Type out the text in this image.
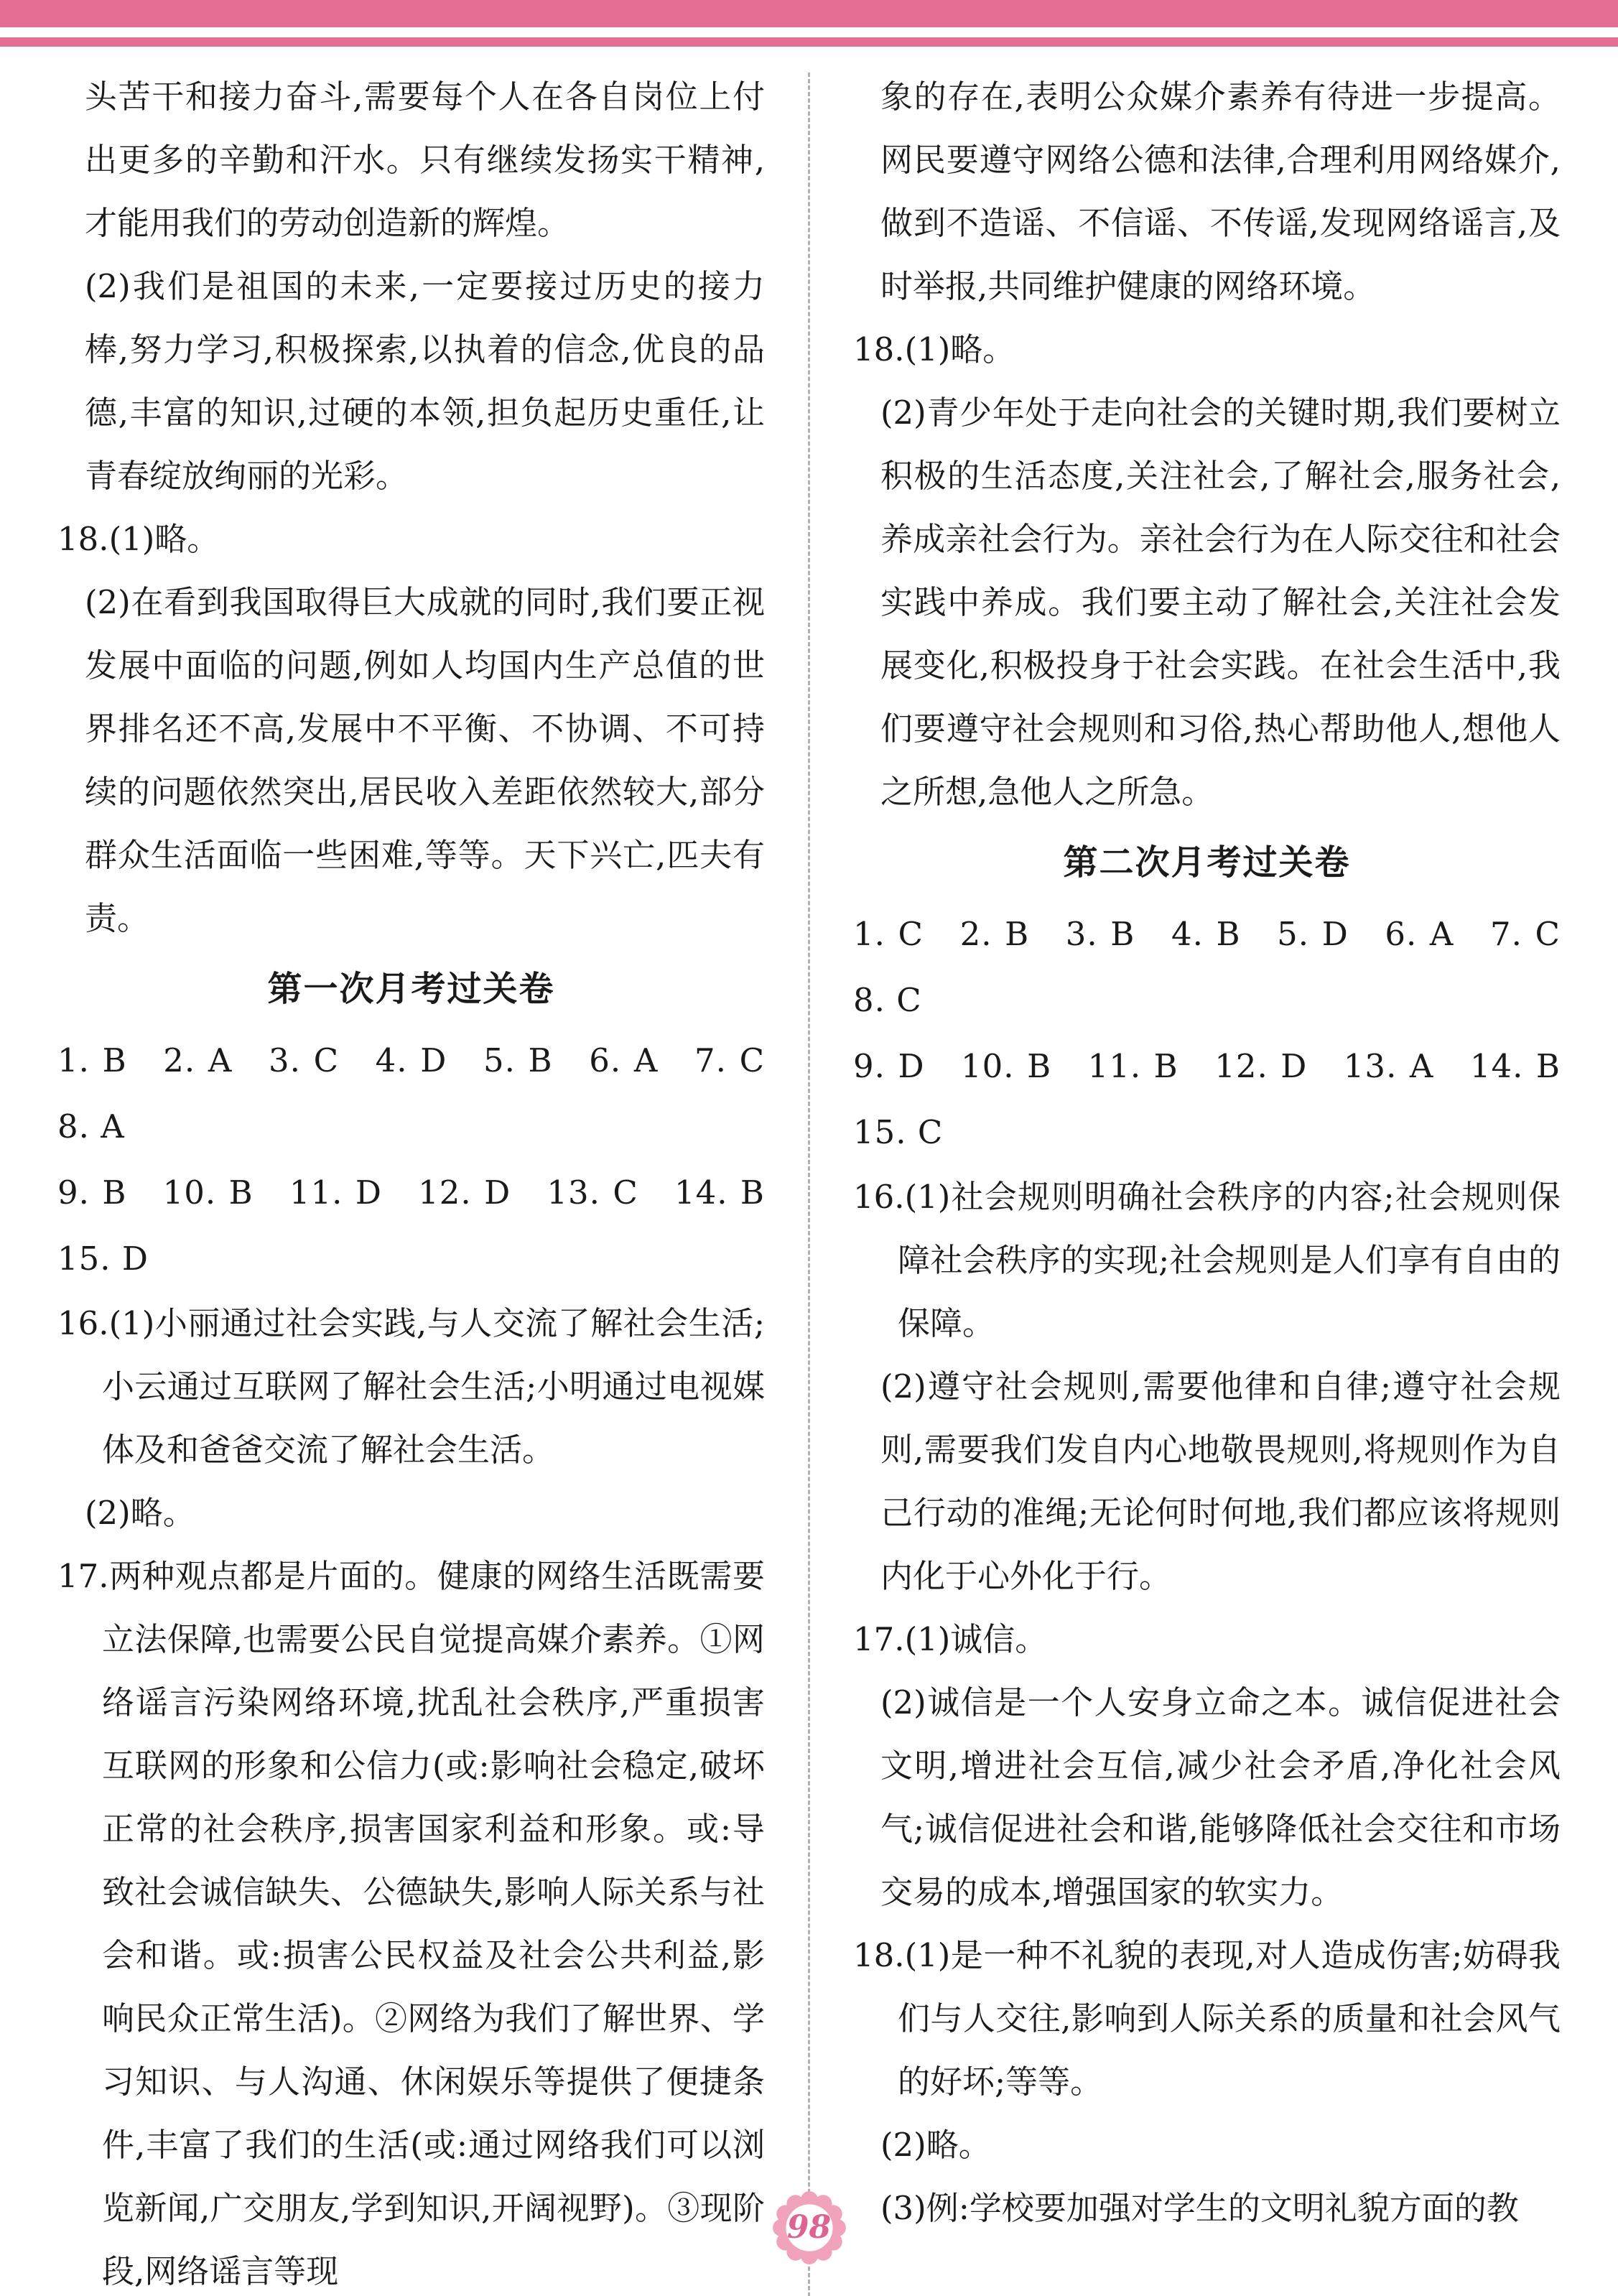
头苦干和接力奋斗,需要每个人在各自岗位上付出更多的辛勤和汗水。只有继续发扬实干精神,才能用我们的劳动创造新的辉煌。

(2)我们是祖国的未来,一定要接过历史的接力棒,努力学习,积极探索,以执着的信念,优良的品德,丰富的知识,过硬的本领,担负起历史重任,让青春绽放绚丽的光彩。

18.(1)略。

(2)在看到我国取得巨大成就的同时,我们要正视发展中面临的问题,例如人均国内生产总值的世界排名还不高,发展中不平衡、不协调、不可持续的问题依然突出,居民收入差距依然较大,部分群众生活面临一些困难,等等。天下兴亡,匹夫有责。

第一次月考过关卷

1. B　2. A　3. C　4. D　5. B　6. A　7. C　8. A

9. B　10. B　11. D　12. D　13. C　14. B　15. D

16.(1)小丽通过社会实践,与人交流了解社会生活;小云通过互联网了解社会生活;小明通过电视媒体及和爸爸交流了解社会生活。

(2)略。

17.两种观点都是片面的。健康的网络生活既需要立法保障,也需要公民自觉提高媒介素养。①网络谣言污染网络环境,扰乱社会秩序,严重损害互联网的形象和公信力(或:影响社会稳定,破坏正常的社会秩序,损害国家利益和形象。或:导致社会诚信缺失、公德缺失,影响人际关系与社会和谐。或:损害公民权益及社会公共利益,影响民众正常生活)。②网络为我们了解世界、学习知识、与人沟通、休闲娱乐等提供了便捷条件,丰富了我们的生活(或:通过网络我们可以浏览新闻,广交朋友,学到知识,开阔视野)。③现阶段,网络谣言等现

象的存在,表明公众媒介素养有待进一步提高。网民要遵守网络公德和法律,合理利用网络媒介,做到不造谣、不信谣、不传谣,发现网络谣言,及时举报,共同维护健康的网络环境。

18.(1)略。

(2)青少年处于走向社会的关键时期,我们要树立积极的生活态度,关注社会,了解社会,服务社会,养成亲社会行为。亲社会行为在人际交往和社会实践中养成。我们要主动了解社会,关注社会发展变化,积极投身于社会实践。在社会生活中,我们要遵守社会规则和习俗,热心帮助他人,想他人之所想,急他人之所急。

第二次月考过关卷

1. C　2. B　3. B　4. B　5. D　6. A　7. C　8. C

9. D　10. B　11. B　12. D　13. A　14. B　15. C

16.(1)社会规则明确社会秩序的内容;社会规则保障社会秩序的实现;社会规则是人们享有自由的保障。

(2)遵守社会规则,需要他律和自律;遵守社会规则,需要我们发自内心地敬畏规则,将规则作为自己行动的准绳;无论何时何地,我们都应该将规则内化于心外化于行。

17.(1)诚信。

(2)诚信是一个人安身立命之本。诚信促进社会文明,增进社会互信,减少社会矛盾,净化社会风气;诚信促进社会和谐,能够降低社会交往和市场交易的成本,增强国家的软实力。

18.(1)是一种不礼貌的表现,对人造成伤害;妨碍我们与人交往,影响到人际关系的质量和社会风气的好坏;等等。

(2)略。

(3)例:学校要加强对学生的文明礼貌方面的教

98
